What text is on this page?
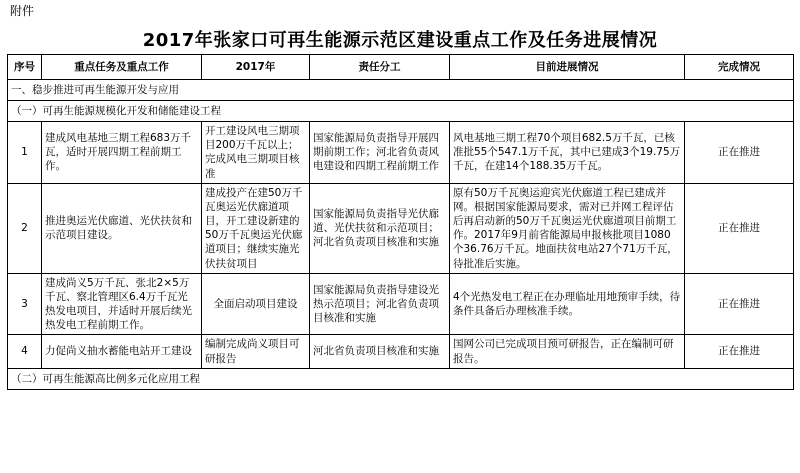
附件
2017年张家口可再生能源示范区建设重点工作及任务进展情况
序号	重点任务及重点工作	2017年	责任分工	目前进展情况	完成情况
一、稳步推进可再生能源开发与应用					
（一）可再生能源规模化开发和储能建设工程					
1	建成风电基地三期工程683万千瓦，适时开展四期工程前期工作。	开工建设风电三期项目200万千瓦以上；完成风电三期项目核准	国家能源局负责指导开展四期前期工作；河北省负责风电建设和四期工程前期工作	风电基地三期工程70个项目682.5万千瓦，已核准批55个547.1万千瓦，其中已建成3个19.75万千瓦，在建14个188.35万千瓦。	正在推进
2	推进奥运光伏廊道、光伏扶贫和示范项目建设。	建成投产在建50万千瓦奥运光伏廊道项目，开工建设新建的50万千瓦奥运光伏廊道项目；继续实施光伏扶贫项目	国家能源局负责指导光伏廊道、光伏扶贫和示范项目；河北省负责项目核准和实施	原有50万千瓦奥运迎宾光伏廊道工程已建成并网。根据国家能源局要求，需对已并网工程评估后再启动新的50万千瓦奥运光伏廊道项目前期工作。2017年9月前省能源局申报核批项目1080个36.76万千瓦。地面扶贫电站27个71万千瓦，待批准后实施。	正在推进
3	建成尚义5万千瓦、张北2×5万千瓦、察北管理区6.4万千瓦光热发电项目，并适时开展后续光热发电工程前期工作。	全面启动项目建设	国家能源局负责指导建设光热示范项目；河北省负责项目核准和实施	4个光热发电工程正在办理临址用地预审手续，待条件具备后办理核准手续。	正在推进
4	力促尚义抽水蓄能电站开工建设	编制完成尚义项目可研报告	河北省负责项目核准和实施	国网公司已完成项目预可研报告，正在编制可研报告。	正在推进
（二）可再生能源高比例多元化应用工程					
